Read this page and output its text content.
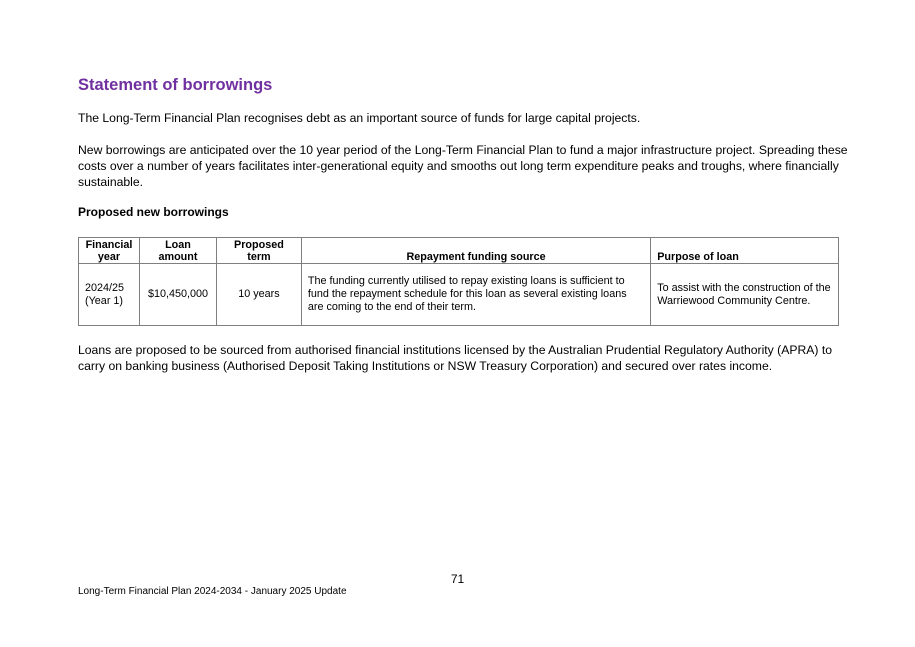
Statement of borrowings

The Long-Term Financial Plan recognises debt as an important source of funds for large capital projects.

New borrowings are anticipated over the 10 year period of the Long-Term Financial Plan to fund a major infrastructure project. Spreading these costs over a number of years facilitates inter-generational equity and smooths out long term expenditure peaks and troughs, where financially sustainable.

Proposed new borrowings
Financial year	Loan amount	Proposed term	Repayment funding source	Purpose of loan
2024/25 (Year 1)	$10,450,000	10 years	The funding currently utilised to repay existing loans is sufficient to fund the repayment schedule for this loan as several existing loans are coming to the end of their term.	To assist with the construction of the Warriewood Community Centre.

Loans are proposed to be sourced from authorised financial institutions licensed by the Australian Prudential Regulatory Authority (APRA) to carry on banking business (Authorised Deposit Taking Institutions or NSW Treasury Corporation) and secured over rates income.

71
Long-Term Financial Plan 2024-2034 - January 2025 Update
